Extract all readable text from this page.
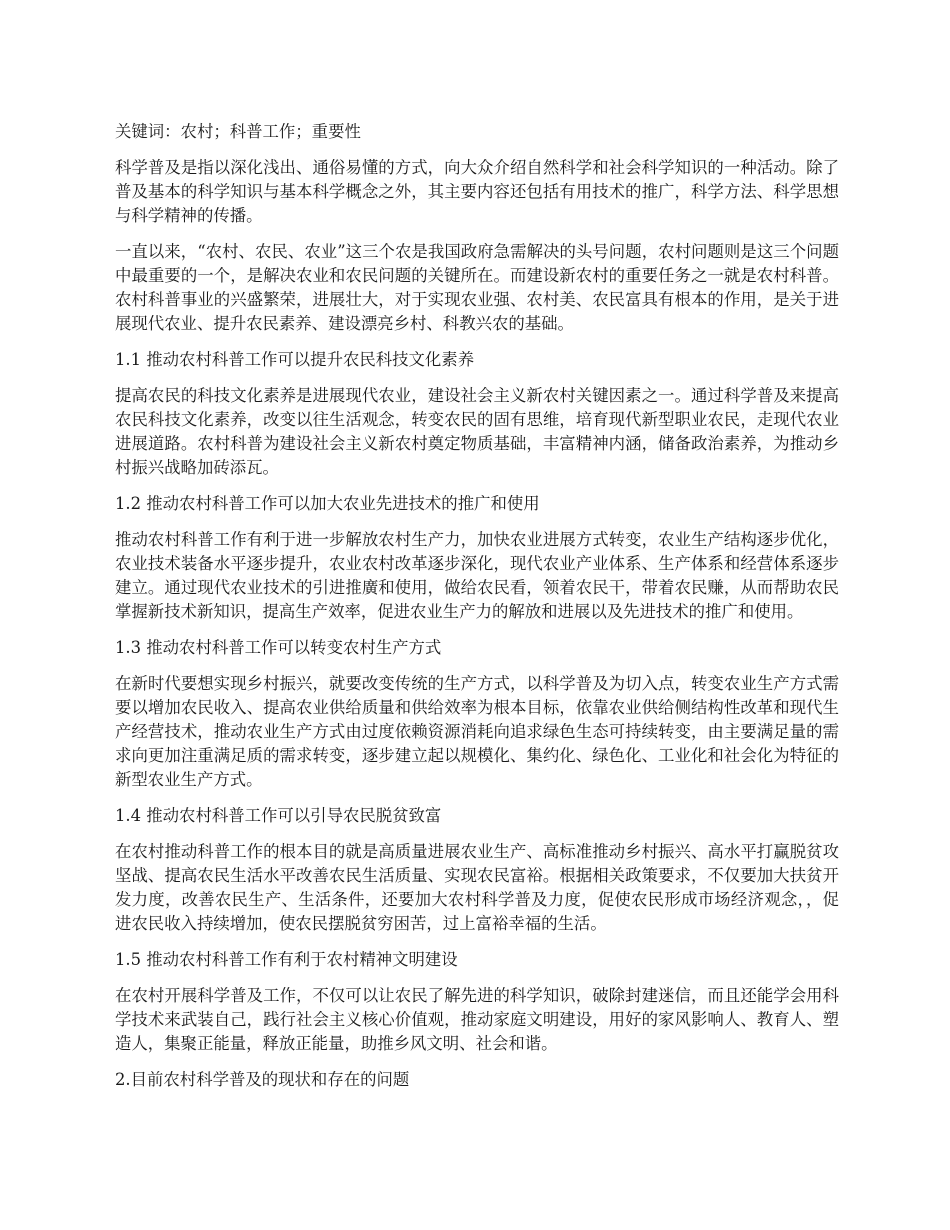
关键词：农村；科普工作；重要性

科学普及是指以深化浅出、通俗易懂的方式，向大众介绍自然科学和社会科学知识的一种活动。除了普及基本的科学知识与基本科学概念之外，其主要内容还包括有用技术的推广，科学方法、科学思想与科学精神的传播。

一直以来，“农村、农民、农业”这三个农是我国政府急需解决的头号问题，农村问题则是这三个问题中最重要的一个，是解决农业和农民问题的关键所在。而建设新农村的重要任务之一就是农村科普。农村科普事业的兴盛繁荣，进展壮大，对于实现农业强、农村美、农民富具有根本的作用，是关于进展现代农业、提升农民素养、建设漂亮乡村、科教兴农的基础。

1.1 推动农村科普工作可以提升农民科技文化素养

提高农民的科技文化素养是进展现代农业，建设社会主义新农村关键因素之一。通过科学普及来提高农民科技文化素养，改变以往生活观念，转变农民的固有思维，培育现代新型职业农民，走现代农业进展道路。农村科普为建设社会主义新农村奠定物质基础，丰富精神内涵，储备政治素养，为推动乡村振兴战略加砖添瓦。

1.2 推动农村科普工作可以加大农业先进技术的推广和使用

推动农村科普工作有利于进一步解放农村生产力，加快农业进展方式转变，农业生产结构逐步优化，农业技术装备水平逐步提升，农业农村改革逐步深化，现代农业产业体系、生产体系和经营体系逐步建立。通过现代农业技术的引进推廣和使用，做给农民看，领着农民干，带着农民赚，从而帮助农民掌握新技术新知识，提高生产效率，促进农业生产力的解放和进展以及先进技术的推广和使用。

1.3 推动农村科普工作可以转变农村生产方式

在新时代要想实现乡村振兴，就要改变传统的生产方式，以科学普及为切入点，转变农业生产方式需要以增加农民收入、提高农业供给质量和供给效率为根本目标，依靠农业供给侧结构性改革和现代生产经营技术，推动农业生产方式由过度依赖资源消耗向追求绿色生态可持续转变，由主要满足量的需求向更加注重满足质的需求转变，逐步建立起以规模化、集约化、绿色化、工业化和社会化为特征的新型农业生产方式。

1.4 推动农村科普工作可以引导农民脱贫致富

在农村推动科普工作的根本目的就是高质量进展农业生产、高标准推动乡村振兴、高水平打赢脱贫攻坚战、提高农民生活水平改善农民生活质量、实现农民富裕。根据相关政策要求，不仅要加大扶贫开发力度，改善农民生产、生活条件，还要加大农村科学普及力度，促使农民形成市场经济观念，，促进农民收入持续增加，使农民摆脱贫穷困苦，过上富裕幸福的生活。

1.5 推动农村科普工作有利于农村精神文明建设

在农村开展科学普及工作，不仅可以让农民了解先进的科学知识，破除封建迷信，而且还能学会用科学技术来武装自己，践行社会主义核心价值观，推动家庭文明建设，用好的家风影响人、教育人、塑造人，集聚正能量，释放正能量，助推乡风文明、社会和谐。

2.目前农村科学普及的现状和存在的问题
